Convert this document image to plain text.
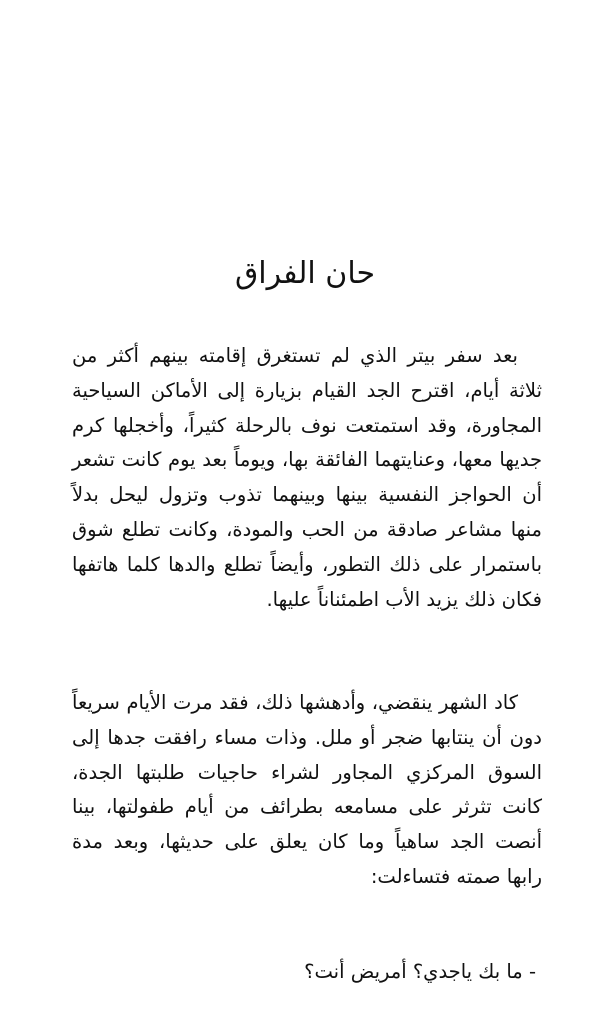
حان الفراق

بعد سفر بيتر الذي لم تستغرق إقامته بينهم أكثر من ثلاثة أيام، اقترح الجد القيام بزيارة إلى الأماكن السياحية المجاورة، وقد استمتعت نوف بالرحلة كثيراً، وأخجلها كرم جديها معها، وعنايتهما الفائقة بها، ويوماً بعد يوم كانت تشعر أن الحواجز النفسية بينها وبينهما تذوب وتزول ليحل بدلاً منها مشاعر صادقة من الحب والمودة، وكانت تطلع شوق باستمرار على ذلك التطور، وأيضاً تطلع والدها كلما هاتفها فكان ذلك يزيد الأب اطمئناناً عليها.

كاد الشهر ينقضي، وأدهشها ذلك، فقد مرت الأيام سريعاً دون أن ينتابها ضجر أو ملل. وذات مساء رافقت جدها إلى السوق المركزي المجاور لشراء حاجيات طلبتها الجدة، كانت تثرثر على مسامعه بطرائف من أيام طفولتها، بينا أنصت الجد ساهياً وما كان يعلق على حديثها، وبعد مدة رابها صمته فتساءلت:

- ما بك ياجدي؟ أمريض أنت؟
